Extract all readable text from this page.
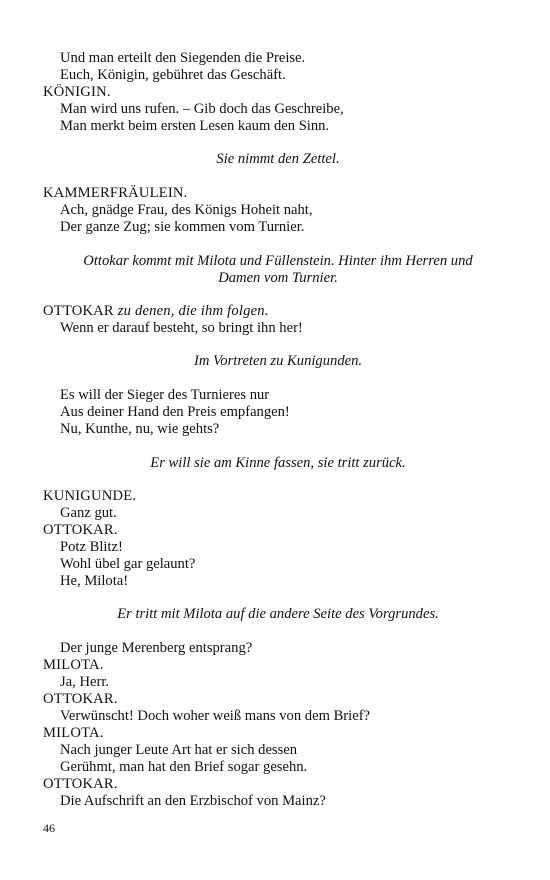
Und man erteilt den Siegenden die Preise.
Euch, Königin, gebühret das Geschäft.
KÖNIGIN.
Man wird uns rufen. – Gib doch das Geschreibe,
Man merkt beim ersten Lesen kaum den Sinn.
Sie nimmt den Zettel.
KAMMERFRÄULEIN.
Ach, gnädge Frau, des Königs Hoheit naht,
Der ganze Zug; sie kommen vom Turnier.
Ottokar kommt mit Milota und Füllenstein. Hinter ihm Herren und
Damen vom Turnier.
OTTOKAR zu denen, die ihm folgen.
Wenn er darauf besteht, so bringt ihn her!
Im Vortreten zu Kunigunden.
Es will der Sieger des Turnieres nur
Aus deiner Hand den Preis empfangen!
Nu, Kunthe, nu, wie gehts?
Er will sie am Kinne fassen, sie tritt zurück.
KUNIGUNDE.
Ganz gut.
OTTOKAR.
Potz Blitz!
Wohl übel gar gelaunt?
He, Milota!
Er tritt mit Milota auf die andere Seite des Vorgrundes.
Der junge Merenberg entsprang?
MILOTA.
Ja, Herr.
OTTOKAR.
Verwünscht! Doch woher weiß mans von dem Brief?
MILOTA.
Nach junger Leute Art hat er sich dessen
Gerühmt, man hat den Brief sogar gesehn.
OTTOKAR.
Die Aufschrift an den Erzbischof von Mainz?
46
